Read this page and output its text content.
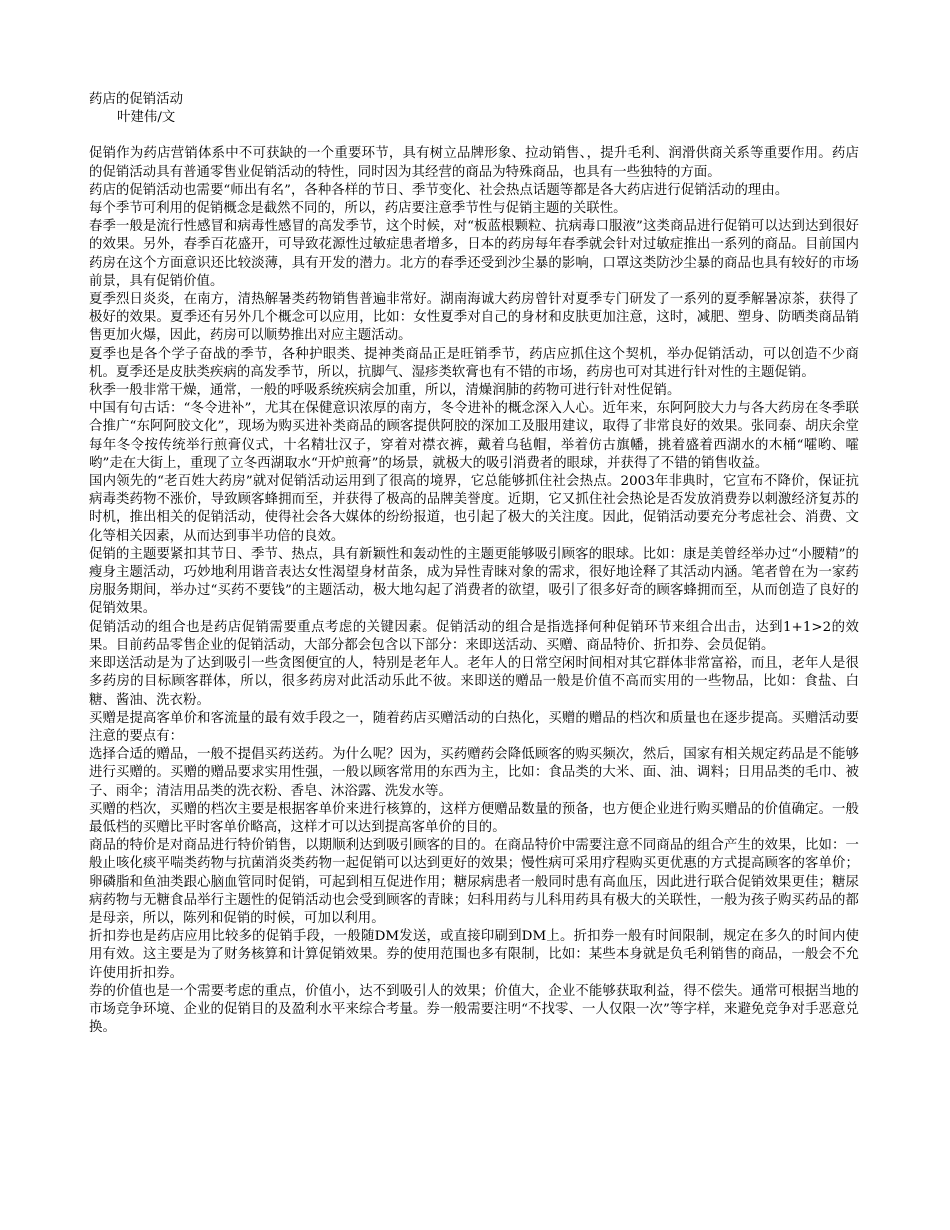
药店的促销活动

叶建伟/文

促销作为药店营销体系中不可获缺的一个重要环节，具有树立品牌形象、拉动销售、，提升毛利、润滑供商关系等重要作用。药店的促销活动具有普通零售业促销活动的特性，同时因为其经营的商品为特殊商品，也具有一些独特的方面。

药店的促销活动也需要“师出有名”，各种各样的节日、季节变化、社会热点话题等都是各大药店进行促销活动的理由。

每个季节可利用的促销概念是截然不同的，所以，药店要注意季节性与促销主题的关联性。

春季一般是流行性感冒和病毒性感冒的高发季节，这个时候，对“板蓝根颗粒、抗病毒口服液”这类商品进行促销可以达到达到很好的效果。另外，春季百花盛开，可导致花源性过敏症患者增多，日本的药房每年春季就会针对过敏症推出一系列的商品。目前国内药房在这个方面意识还比较淡薄，具有开发的潜力。北方的春季还受到沙尘暴的影响，口罩这类防沙尘暴的商品也具有较好的市场前景，具有促销价值。

夏季烈日炎炎，在南方，清热解暑类药物销售普遍非常好。湖南海诚大药房曾针对夏季专门研发了一系列的夏季解暑凉茶，获得了极好的效果。夏季还有另外几个概念可以应用，比如：女性夏季对自己的身材和皮肤更加注意，这时，减肥、塑身、防晒类商品销售更加火爆，因此，药房可以顺势推出对应主题活动。

夏季也是各个学子奋战的季节，各种护眼类、提神类商品正是旺销季节，药店应抓住这个契机，举办促销活动，可以创造不少商机。夏季还是皮肤类疾病的高发季节，所以，抗脚气、湿疹类软膏也有不错的市场，药房也可对其进行针对性的主题促销。

秋季一般非常干燥，通常，一般的呼吸系统疾病会加重，所以，清燥润肺的药物可进行针对性促销。

中国有句古话：“冬令进补”，尤其在保健意识浓厚的南方，冬令进补的概念深入人心。近年来，东阿阿胶大力与各大药房在冬季联合推广“东阿阿胶文化”，现场为购买进补类商品的顾客提供阿胶的深加工及服用建议，取得了非常良好的效果。张同泰、胡庆余堂每年冬令按传统举行煎膏仪式，十名精壮汉子，穿着对襟衣裤，戴着乌毡帽，举着仿古旗幡，挑着盛着西湖水的木桶“嚯哟、嚯哟”走在大街上，重现了立冬西湖取水“开炉煎膏”的场景，就极大的吸引消费者的眼球，并获得了不错的销售收益。

国内领先的“老百姓大药房”就对促销活动运用到了很高的境界，它总能够抓住社会热点。2003年非典时，它宣布不降价，保证抗病毒类药物不涨价，导致顾客蜂拥而至，并获得了极高的品牌美誉度。近期，它又抓住社会热论是否发放消费券以刺激经济复苏的时机，推出相关的促销活动，使得社会各大媒体的纷纷报道，也引起了极大的关注度。因此，促销活动要充分考虑社会、消费、文化等相关因素，从而达到事半功倍的良效。

促销的主题要紧扣其节日、季节、热点，具有新颖性和轰动性的主题更能够吸引顾客的眼球。比如：康是美曾经举办过“小腰精”的瘦身主题活动，巧妙地利用谐音表达女性渴望身材苗条，成为异性青睐对象的需求，很好地诠释了其活动内涵。笔者曾在为一家药房服务期间，举办过“买药不要钱”的主题活动，极大地勾起了消费者的欲望，吸引了很多好奇的顾客蜂拥而至，从而创造了良好的促销效果。

促销活动的组合也是药店促销需要重点考虑的关键因素。促销活动的组合是指选择何种促销环节来组合出击，达到1+1>2的效果。目前药品零售企业的促销活动，大部分都会包含以下部分：来即送活动、买赠、商品特价、折扣券、会员促销。

来即送活动是为了达到吸引一些贪图便宜的人，特别是老年人。老年人的日常空闲时间相对其它群体非常富裕，而且，老年人是很多药房的目标顾客群体，所以，很多药房对此活动乐此不彼。来即送的赠品一般是价值不高而实用的一些物品，比如：食盐、白糖、酱油、洗衣粉。

买赠是提高客单价和客流量的最有效手段之一，随着药店买赠活动的白热化，买赠的赠品的档次和质量也在逐步提高。买赠活动要注意的要点有：

选择合适的赠品，一般不提倡买药送药。为什么呢？因为，买药赠药会降低顾客的购买频次，然后，国家有相关规定药品是不能够进行买赠的。买赠的赠品要求实用性强，一般以顾客常用的东西为主，比如：食品类的大米、面、油、调料；日用品类的毛巾、被子、雨伞；清洁用品类的洗衣粉、香皂、沐浴露、洗发水等。

买赠的档次，买赠的档次主要是根据客单价来进行核算的，这样方便赠品数量的预备，也方便企业进行购买赠品的价值确定。一般最低档的买赠比平时客单价略高，这样才可以达到提高客单价的目的。

商品的特价是对商品进行特价销售，以期顺利达到吸引顾客的目的。在商品特价中需要注意不同商品的组合产生的效果，比如：一般止咳化痰平喘类药物与抗菌消炎类药物一起促销可以达到更好的效果；慢性病可采用疗程购买更优惠的方式提高顾客的客单价；卵磷脂和鱼油类跟心脑血管同时促销，可起到相互促进作用；糖尿病患者一般同时患有高血压，因此进行联合促销效果更佳；糖尿病药物与无糖食品举行主题性的促销活动也会受到顾客的青睐；妇科用药与儿科用药具有极大的关联性，一般为孩子购买药品的都是母亲，所以，陈列和促销的时候，可加以利用。

折扣券也是药店应用比较多的促销手段，一般随DM发送，或直接印刷到DM上。折扣券一般有时间限制，规定在多久的时间内使用有效。这主要是为了财务核算和计算促销效果。券的使用范围也多有限制，比如：某些本身就是负毛利销售的商品，一般会不允许使用折扣券。

券的价值也是一个需要考虑的重点，价值小，达不到吸引人的效果；价值大，企业不能够获取利益，得不偿失。通常可根据当地的市场竞争环境、企业的促销目的及盈利水平来综合考量。券一般需要注明“不找零、一人仅限一次”等字样，来避免竞争对手恶意兑换。
